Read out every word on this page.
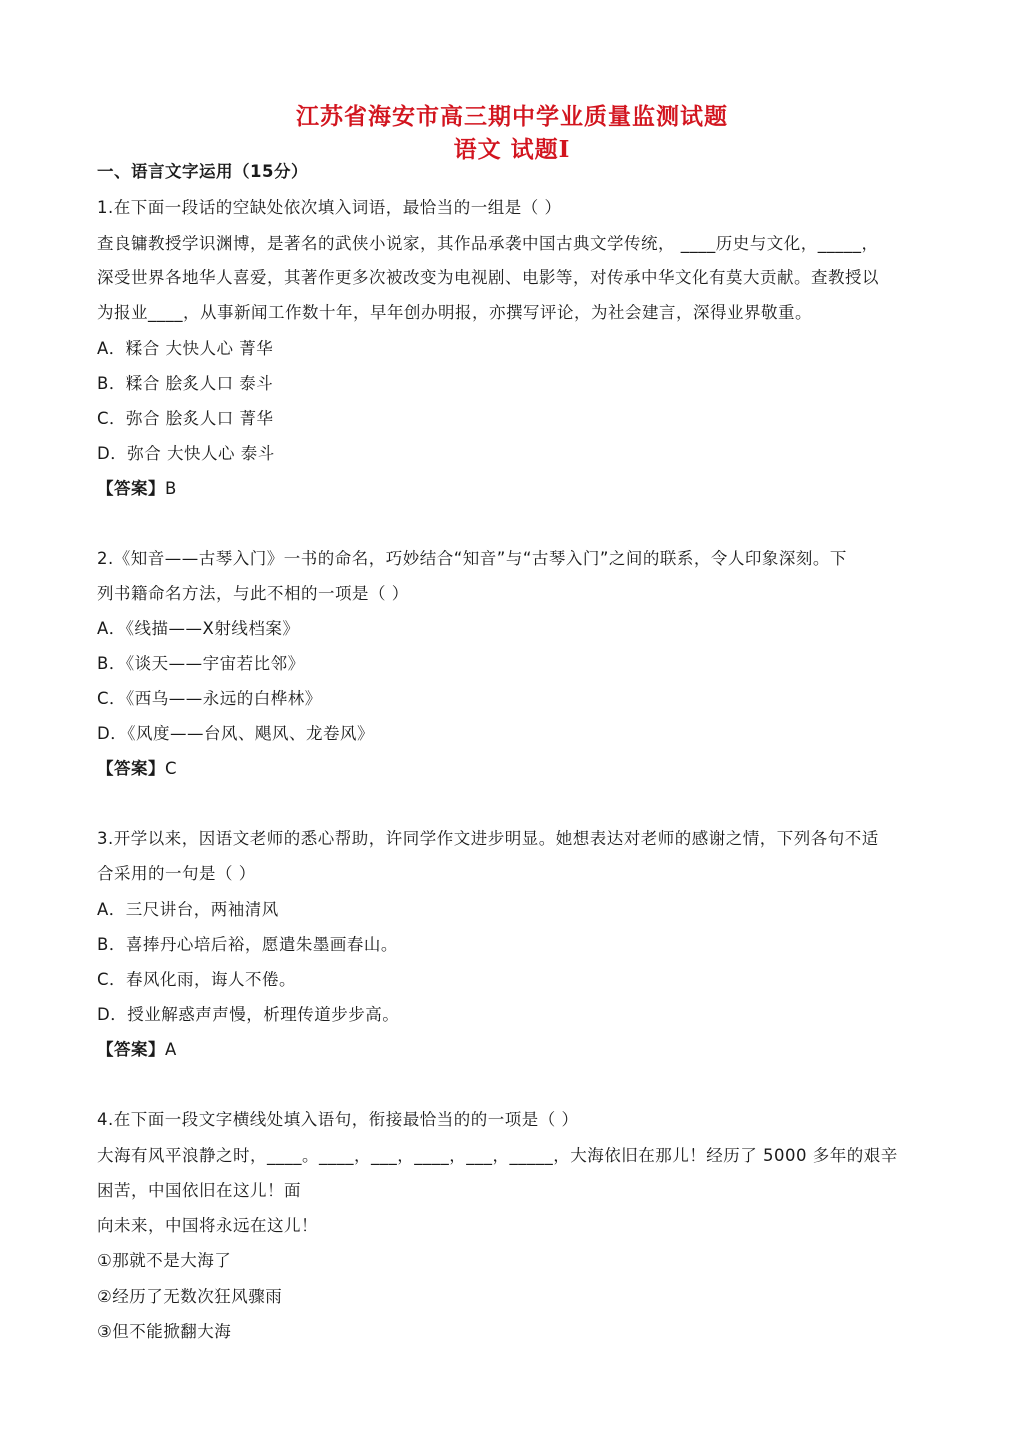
江苏省海安市高三期中学业质量监测试题
语文 试题Ⅰ
一、语言文字运用（15分）
1.在下面一段话的空缺处依次填入词语，最恰当的一组是（ ）
查良镛教授学识渊博，是著名的武侠小说家，其作品承袭中国古典文学传统， ____历史与文化，_____，
深受世界各地华人喜爱，其著作更多次被改变为电视剧、电影等，对传承中华文化有莫大贡献。查教授以
为报业____，从事新闻工作数十年，早年创办明报，亦撰写评论，为社会建言，深得业界敬重。
A．糅合 大快人心 菁华
B．糅合 脍炙人口 泰斗
C．弥合 脍炙人口 菁华
D．弥合 大快人心 泰斗
【答案】B
2.《知音——古琴入门》一书的命名，巧妙结合“知音”与“古琴入门”之间的联系，令人印象深刻。下
列书籍命名方法，与此不相的一项是（ ）
A．《线描——X射线档案》
B．《谈天——宇宙若比邻》
C．《西乌——永远的白桦林》
D．《风度——台风、飓风、龙卷风》
【答案】C
3.开学以来，因语文老师的悉心帮助，许同学作文进步明显。她想表达对老师的感谢之情，下列各句不适
合采用的一句是（ ）
A．三尺讲台，两袖清风
B．喜捧丹心培后裕，愿遣朱墨画春山。
C．春风化雨，诲人不倦。
D．授业解惑声声慢，析理传道步步高。
【答案】A
4.在下面一段文字横线处填入语句，衔接最恰当的的一项是（ ）
大海有风平浪静之时，____。____，___，____，___，_____，大海依旧在那儿！经历了 5000 多年的艰辛
困苦，中国依旧在这儿！面
向未来，中国将永远在这儿！
①那就不是大海了
②经历了无数次狂风骤雨
③但不能掀翻大海
